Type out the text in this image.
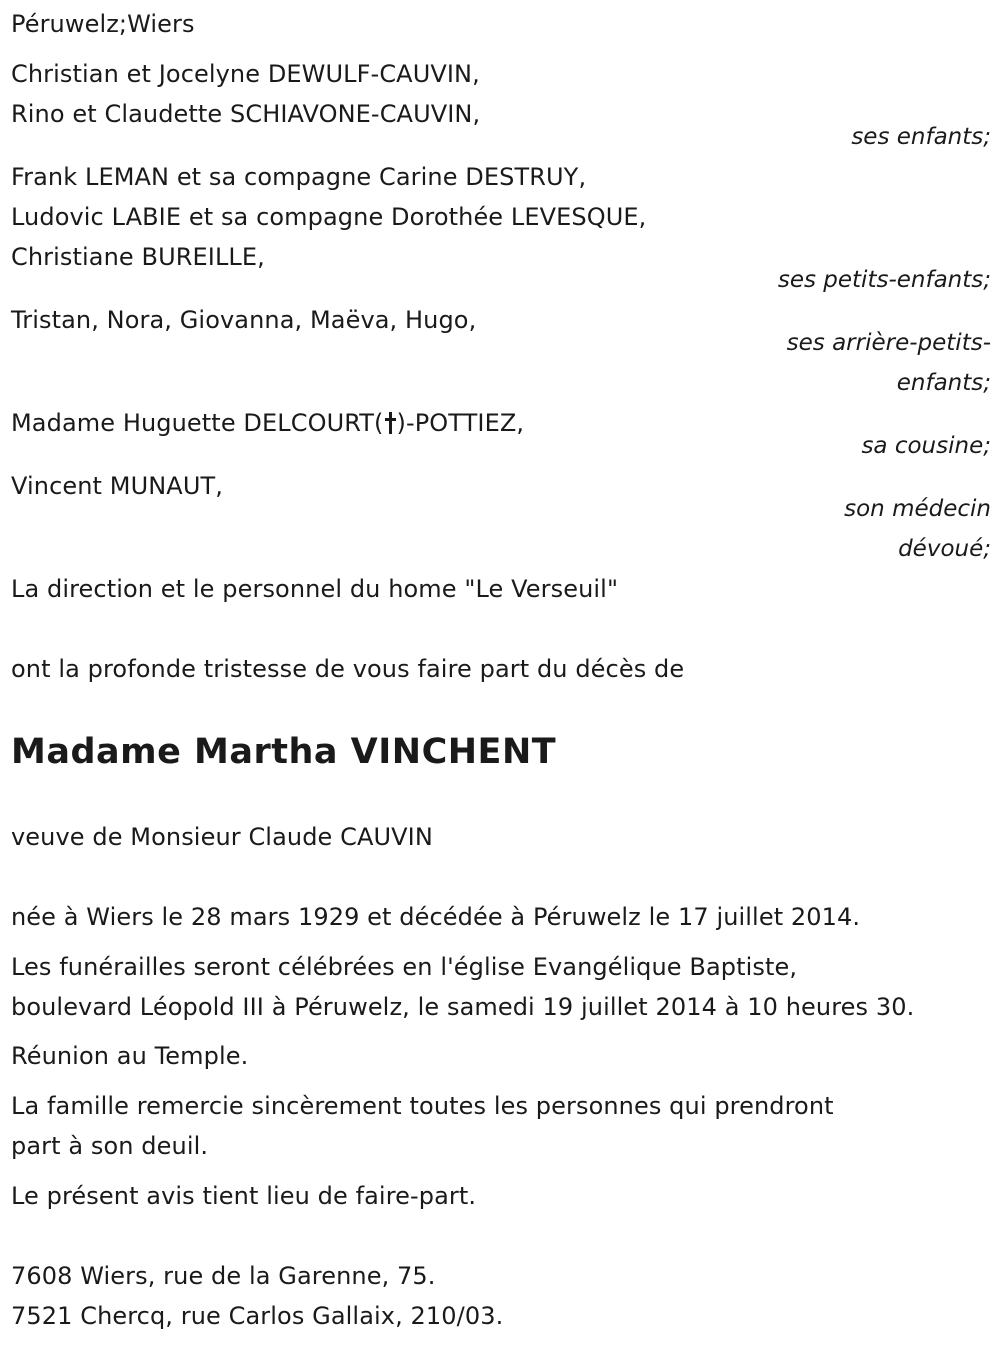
Péruwelz;Wiers
Christian et Jocelyne DEWULF-CAUVIN,
Rino et Claudette SCHIAVONE-CAUVIN,
ses enfants;
Frank LEMAN et sa compagne Carine DESTRUY,
Ludovic LABIE et sa compagne Dorothée LEVESQUE,
Christiane BUREILLE,
ses petits-enfants;
Tristan, Nora, Giovanna, Maëva, Hugo,
ses arrière-petits-
enfants;
Madame Huguette DELCOURT( )-POTTIEZ,
sa cousine;
Vincent MUNAUT,
son médecin
dévoué;
La direction et le personnel du home "Le Verseuil"
ont la profonde tristesse de vous faire part du décès de
Madame Martha VINCHENT
veuve de Monsieur Claude CAUVIN
née à Wiers le 28 mars 1929 et décédée à Péruwelz le 17 juillet 2014.
Les funérailles seront célébrées en l'église Evangélique Baptiste,
boulevard Léopold III à Péruwelz, le samedi 19 juillet 2014 à 10 heures 30.
Réunion au Temple.
La famille remercie sincèrement toutes les personnes qui prendront
part à son deuil.
Le présent avis tient lieu de faire-part.
7608 Wiers, rue de la Garenne, 75.
7521 Chercq, rue Carlos Gallaix, 210/03.
